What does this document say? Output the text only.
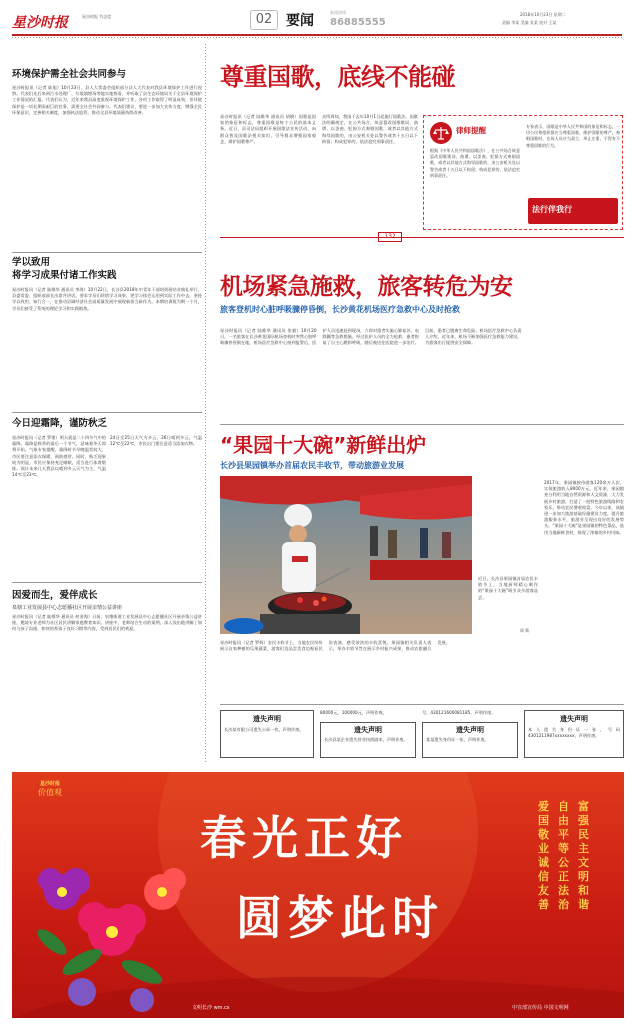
星沙时报	星沙时报 有态度	02 要闻
新闻热线
86885555
2018年10月23日 星期二
责编 李某 美编 张某 校对 王某
环境保护需全社会共同参与
星沙时报讯（记者 陈旭）10月23日，县人大常委会组织部分县人大代表对我县环境保护工作进行视察。代表们先后来到污水处理厂、垃圾填埋场等地实地察看，并听取了县生态环境局关于全县环境保护工作情况的汇报。代表们认为，近年来我县高度重视环境保护工作，各项工作取得了明显成效，但环境保护是一项长期而艰巨的任务，需要全社会共同参与。代表们建议，要进一步加大宣传力度，增强全民环保意识，完善相关制度，加强执法监管，推动全县环境质量持续改善。
学以致用
将学习成果付诸工作实践
星沙时报讯（记者 陆维华 通讯员 李海）10月22日，长沙县2018年中青年干部培训班结业典礼举行，县委常委、组织部部长出席并讲话。要求学员们珍惜学习成果，把学习体会运用到实际工作中去，坚持学以致用、知行合一，在推动县域经济社会高质量发展中展现新担当新作为。本期培训班为期一个月，学员们接受了系统的理论学习和实践锻炼。
今日迎霜降，谨防秋乏
星沙时报讯（记者 罗建）明天就是二十四节气中的霜降，霜降是秋季的最后一个节气，意味着冬天即将开始。气象专家提醒，霜降时节早晚温差较大，市民要注意添衣保暖，预防感冒。同时，秋乏现象较为明显，市民应保持充足睡眠，适当进行体育锻炼。预计未来几天我县以晴到多云天气为主，气温14℃至23℃。
24日至25日天气为多云，26日晴到多云，气温12℃至22℃，市民出门要注意适当添加衣物。
因爱而生，爱伴成长
泉塘工业发展县中心志愿播社区开展亲情公益讲座
星沙时报讯（记者 陆维华 通讯员 何金海）日前，泉塘街道工业发展县中心志愿播社区开展亲情公益讲座，邀请专业老师为社区居民讲解家庭教育知识。讲座中，老师结合生动的案例，深入浅出地讲解了如何与孩子沟通、如何培养孩子良好习惯等内容，受到居民们的欢迎。
尊重国歌，底线不能碰
星沙时报讯（记者 陆维华 通讯员 胡晓）国歌是国家的象征和标志，尊重国歌是每个公民的基本义务。近日，县司法局组织开展国歌法宣传活动，向群众普及国歌法相关知识，引导群众增强国家观念，维护国歌尊严。
众所周知，我国于去年10月1日起施行国歌法。国歌法明确规定，在公共场合，故意篡改国歌歌词、曲谱，以歪曲、贬损方式奏唱国歌，或者以其他方式侮辱国歌的，由公安机关处以警告或者十五日以下拘留；构成犯罪的，依法追究刑事责任。
律师提醒
根据《中华人民共和国国歌法》，在公共场合故意篡改国歌歌词、曲谱，以歪曲、贬损方式奏唱国歌，或者以其他方式侮辱国歌的，由公安机关处以警告或者十五日以下拘留；构成犯罪的，依法追究刑事责任。
专家表示，国歌是中华人民共和国的象征和标志，一切公民和组织都应当尊重国歌，维护国歌的尊严。奏唱国歌时，在场人员应当肃立，举止庄重，不得有不尊重国歌的行为。
法行伴我行
机场紧急施救，旅客转危为安
旅客登机时心脏呼吸骤停昏倒，长沙黄花机场医疗急救中心及时抢救
星沙时报讯（记者 陆维华 通讯员 张毅）10月20日，一名旅客在长沙黄花国际机场登机时突然心脏呼吸骤停昏倒在地。机场医疗急救中心接到报警后，医护人员迅速赶到现场，立即对患者实施心肺复苏、电除颤等急救措施。经过医护人员的全力抢救，患者恢复了自主心跳和呼吸，随后被送往医院进一步治疗。目前，患者已脱离生命危险。机场医疗急救中心负责人介绍，近年来，机场不断加强医疗急救能力建设，为旅客出行提供安全保障。
“果园十大碗”新鲜出炉
长沙县果园镇举办首届农民丰收节，带动旅游业发展
近日，长沙县果园镇首届农民丰收节上，当地厨师精心制作的“果园十大碗”吸引众多游客品尝。
周 斯
星沙时报讯（记者 罗辉）农民丰收节上，当地农民纷纷展示自家种植的瓜果蔬菜，游客们边品尝美食边观看民俗表演，感受浓浓的丰收喜悦。果园镇相关负责人表示，举办丰收节旨在展示乡村振兴成果，推动农旅融合发展。
2017年，果园镇接待游客120余万人次，实现旅游收入8000万元。近年来，果园镇充分利用当地自然资源和人文资源，大力发展乡村旅游，打造了一批特色旅游线路和农家乐，带动农民增收致富。今年以来，该镇进一步加大旅游基础设施建设力度，提升旅游服务水平，旅游业呈现出良好的发展势头。“果园十大碗”是果园镇的特色菜品，选用当地新鲜食材，体现了浓郁的乡村风味。
遗失声明
长沙某有限公司遗失公章一枚，声明作废。
80000元，100000元，声明作废。
遗失声明
长沙县某企业遗失营业执照副本，声明作废。
号，430121600081185，声明作废。
遗失声明
某某遗失身份证一张，声明作废。
遗失声明
本人遗失身份证一张，号码4301211987xxxxxxxx，声明作废。
星沙时报
价值观
春光正好
圆梦此时
富强民主文明和谐
自由平等公正法治
爱国敬业诚信友善
文明长沙 wm.cs	中宣部宣传局 中国文明网
